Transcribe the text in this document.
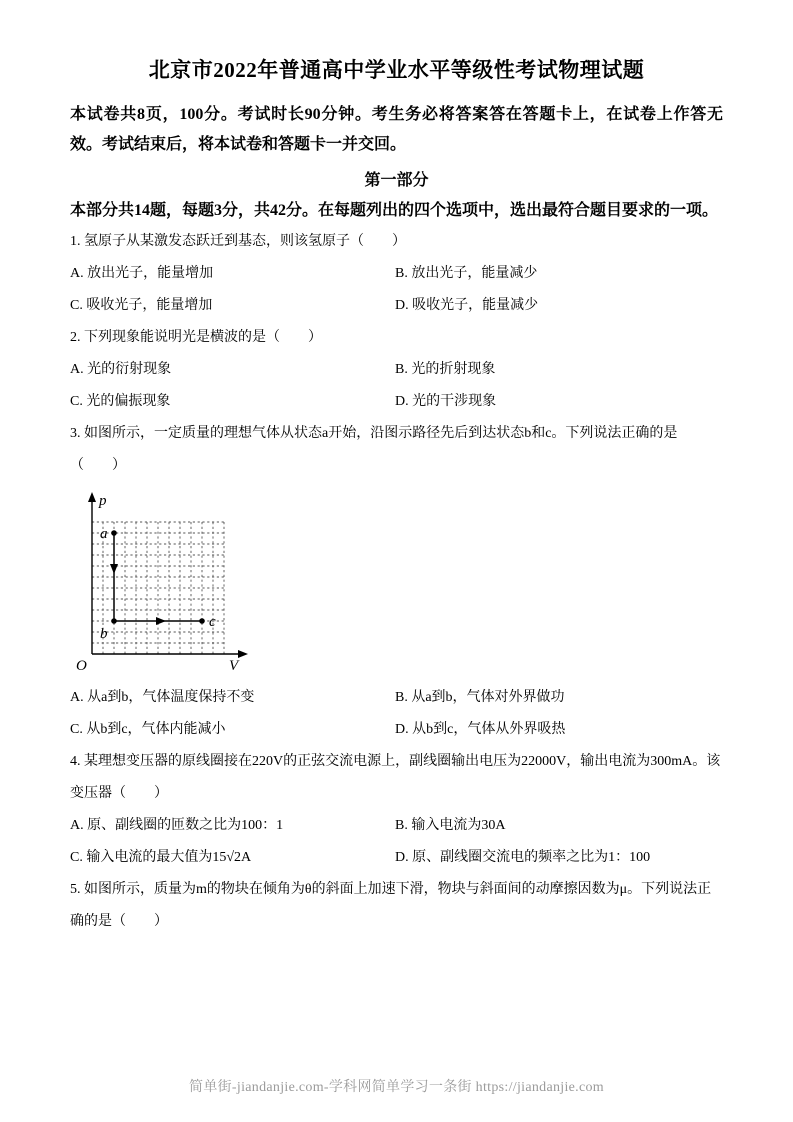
北京市2022年普通高中学业水平等级性考试物理试题

本试卷共8页，100分。考试时长90分钟。考生务必将答案答在答题卡上，在试卷上作答无效。考试结束后，将本试卷和答题卡一并交回。

第一部分

本部分共14题，每题3分，共42分。在每题列出的四个选项中，选出最符合题目要求的一项。

1. 氢原子从某激发态跃迁到基态，则该氢原子（　　）
A. 放出光子，能量增加	B. 放出光子，能量减少
C. 吸收光子，能量增加	D. 吸收光子，能量减少
2. 下列现象能说明光是横波的是（　　）
A. 光的衍射现象	B. 光的折射现象
C. 光的偏振现象	D. 光的干涉现象
3. 如图所示，一定质量的理想气体从状态a开始，沿图示路径先后到达状态b和c。下列说法正确的是（　　）
p
V
O
a
b
c
A. 从a到b，气体温度保持不变	B. 从a到b，气体对外界做功
C. 从b到c，气体内能减小	D. 从b到c，气体从外界吸热
4. 某理想变压器的原线圈接在220V的正弦交流电源上，副线圈输出电压为22000V，输出电流为300mA。该变压器（　　）
A. 原、副线圈的匝数之比为100：1	B. 输入电流为30A
C. 输入电流的最大值为15√2A	D. 原、副线圈交流电的频率之比为1：100
5. 如图所示，质量为m的物块在倾角为θ的斜面上加速下滑，物块与斜面间的动摩擦因数为μ。下列说法正确的是（　　）
简单街-jiandanjie.com-学科网简单学习一条街 https://jiandanjie.com
